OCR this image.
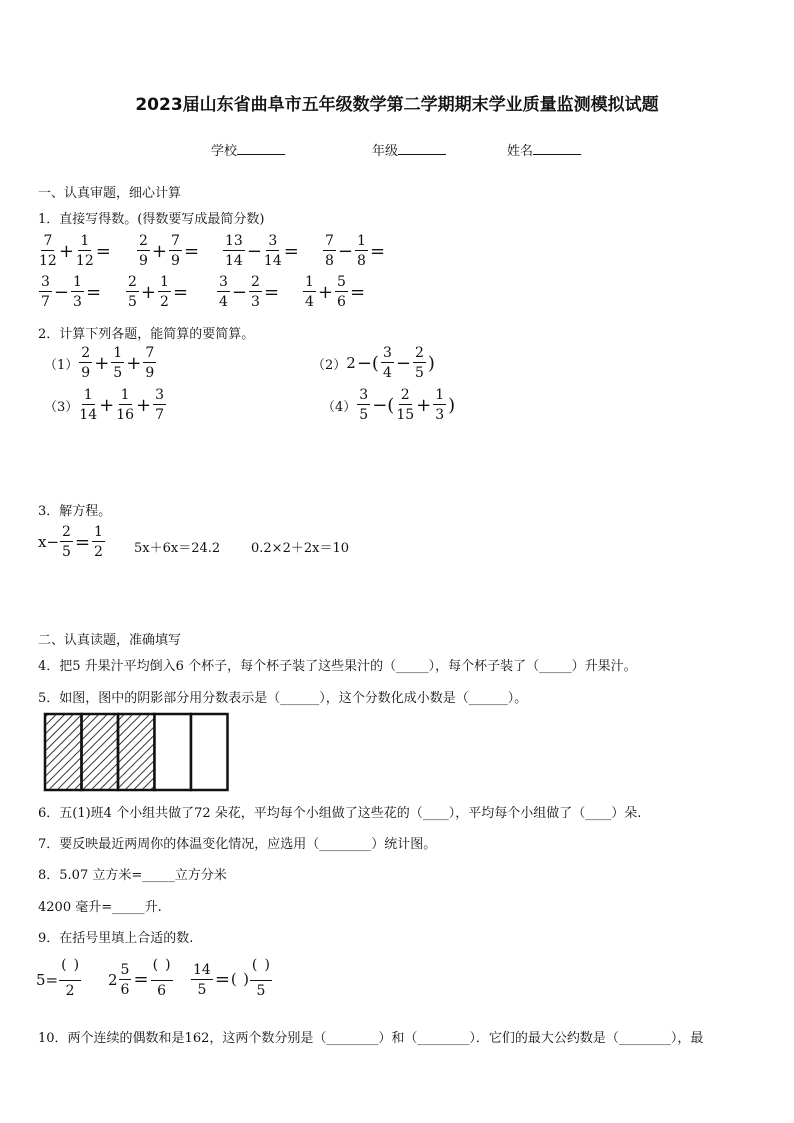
2023届山东省曲阜市五年级数学第二学期期末学业质量监测模拟试题
学校	年级	姓名
一、认真审题，细心计算
1．直接写得数。(得数要写成最简分数)
$\frac{7}{12} + \frac{1}{12} = \frac{2}{9} + \frac{7}{9} = \frac{13}{14} - \frac{3}{14} = \frac{7}{8} - \frac{1}{8}$ =
$\frac{3}{7} - \frac{1}{3} = \frac{2}{5} + \frac{1}{2} = \frac{3}{4} - \frac{2}{3} = \frac{1}{4} + \frac{5}{6}$ =
2．计算下列各题，能简算的要简算。
$(1) \frac{2}{9} + \frac{1}{5} + \frac{7}{9}$	（2） 2 −( $\frac{3}{4} - \frac{2}{5}$ )
$(3) \frac{1}{14} + \frac{1}{16} + \frac{3}{7}$	$(4) \frac{3}{5}$ −( $\frac{2}{15} + \frac{1}{3}$ )
3．解方程。
$x- \frac{2}{5} = \frac{1}{2} 5x+6x=24.2$ 0.2×2＋2x＝10
二、认真读题，准确填写
4．把5 升果汁平均倒入6 个杯子，每个杯子装了这些果汁的（_____），每个杯子装了（_____）升果汁。
5．如图，图中的阴影部分用分数表示是（______），这个分数化成小数是（______）。
6．五(1)班4 个小组共做了72 朵花，平均每个小组做了这些花的（____），平均每个小组做了（____）朵.
7．要反映最近两周你的体温变化情况，应选用（________）统计图。
8．5.07 立方米=_____立方分米
4200 毫升=_____升.
9．在括号里填上合适的数.
5=
( )
2
$2 \frac{5}{6}$ =
( )
$6 \frac{14}{5}$ =
( )
( )
5
10．两个连续的偶数和是162，这两个数分别是（________）和（________）．它们的最大公约数是（________），最
